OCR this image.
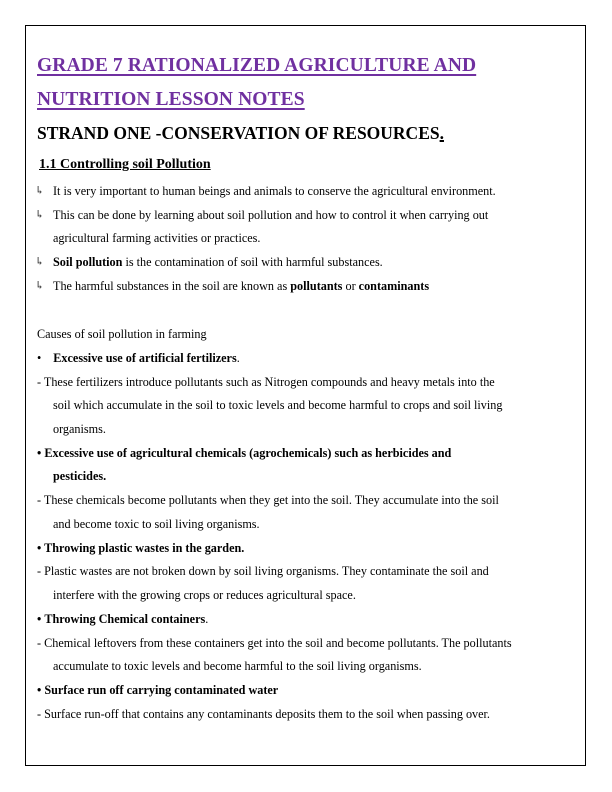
GRADE 7 RATIONALIZED AGRICULTURE AND
NUTRITION LESSON NOTES
STRAND ONE -CONSERVATION OF RESOURCES.
1.1 Controlling soil Pollution
↳ It is very important to human beings and animals to conserve the agricultural environment.
↳ This can be done by learning about soil pollution and how to control it when carrying out
agricultural farming activities or practices.
↳ Soil pollution is the contamination of soil with harmful substances.
↳ The harmful substances in the soil are known as pollutants or contaminants
Causes of soil pollution in farming
• Excessive use of artificial fertilizers.
- These fertilizers introduce pollutants such as Nitrogen compounds and heavy metals into the
soil which accumulate in the soil to toxic levels and become harmful to crops and soil living
organisms.
• Excessive use of agricultural chemicals (agrochemicals) such as herbicides and
pesticides.
- These chemicals become pollutants when they get into the soil. They accumulate into the soil
and become toxic to soil living organisms.
• Throwing plastic wastes in the garden.
- Plastic wastes are not broken down by soil living organisms. They contaminate the soil and
interfere with the growing crops or reduces agricultural space.
• Throwing Chemical containers.
- Chemical leftovers from these containers get into the soil and become pollutants. The pollutants
accumulate to toxic levels and become harmful to the soil living organisms.
• Surface run off carrying contaminated water
- Surface run-off that contains any contaminants deposits them to the soil when passing over.
